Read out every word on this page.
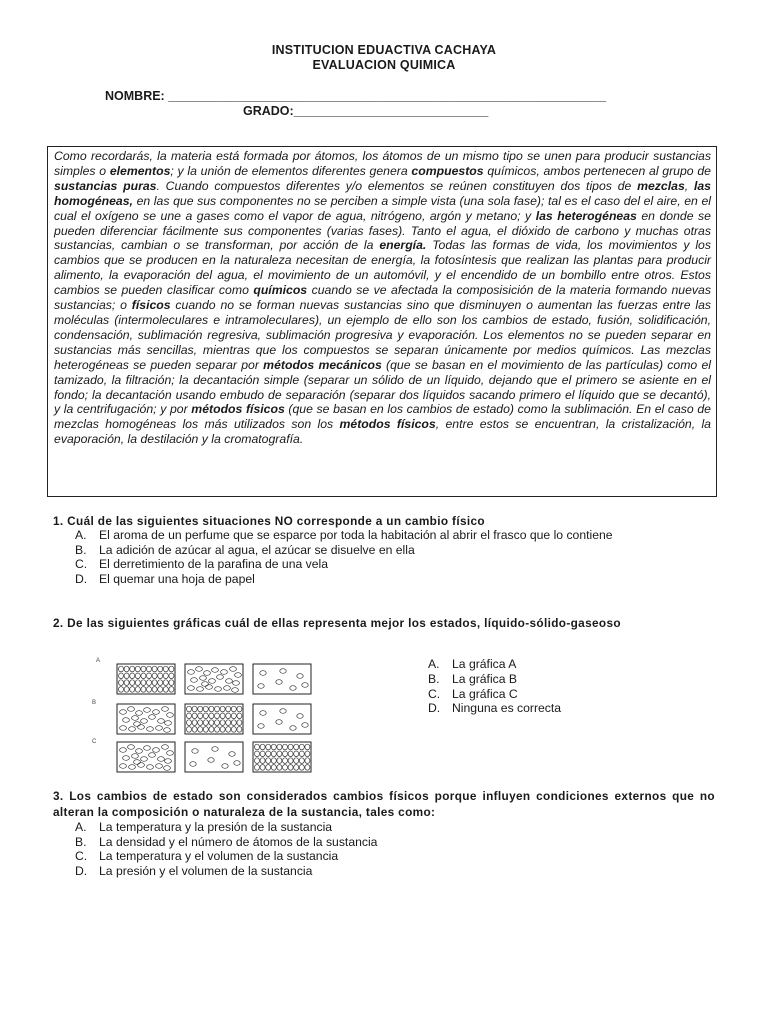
INSTITUCION EDUACTIVA CACHAYA
EVALUACION QUIMICA
NOMBRE: _______________________________________________________________
GRADO:____________________________
Como recordarás, la materia está formada por átomos, los átomos de un mismo tipo se unen para producir sustancias simples o elementos; y la unión de elementos diferentes genera compuestos químicos, ambos pertenecen al grupo de sustancias puras. Cuando compuestos diferentes y/o elementos se reúnen constituyen dos tipos de mezclas, las homogéneas, en las que sus componentes no se perciben a simple vista (una sola fase); tal es el caso del el aire, en el cual el oxígeno se une a gases como el vapor de agua, nitrógeno, argón y metano; y las heterogéneas en donde se pueden diferenciar fácilmente sus componentes (varias fases). Tanto el agua, el dióxido de carbono y muchas otras sustancias, cambian o se transforman, por acción de la energía. Todas las formas de vida, los movimientos y los cambios que se producen en la naturaleza necesitan de energía, la fotosíntesis que realizan las plantas para producir alimento, la evaporación del agua, el movimiento de un automóvil, y el encendido de un bombillo entre otros. Estos cambios se pueden clasificar como químicos cuando se ve afectada la composisición de la materia formando nuevas sustancias; o físicos cuando no se forman nuevas sustancias sino que disminuyen o aumentan las fuerzas entre las moléculas (intermoleculares e intramoleculares), un ejemplo de ello son los cambios de estado, fusión, solidificación, condensación, sublimación regresiva, sublimación progresiva y evaporación. Los elementos no se pueden separar en sustancias más sencillas, mientras que los compuestos se separan únicamente por medios químicos. Las mezclas heterogéneas se pueden separar por métodos mecánicos (que se basan en el movimiento de las partículas) como el tamizado, la filtración; la decantación simple (separar un sólido de un líquido, dejando que el primero se asiente en el fondo; la decantación usando embudo de separación (separar dos líquidos sacando primero el líquido que se decantó), y la centrifugación; y por métodos físicos (que se basan en los cambios de estado) como la sublimación. En el caso de mezclas homogéneas los más utilizados son los métodos físicos, entre estos se encuentran, la cristalización, la evaporación, la destilación y la cromatografía.
1. Cuál de las siguientes situaciones NO corresponde a un cambio físico
A.	El aroma de un perfume que se esparce por toda la habitación al abrir el frasco que lo contiene
B.	La adición de azúcar al agua, el azúcar se disuelve en ella
C. El derretimiento de la parafina de una vela
D. El quemar una hoja de papel
2. De las siguientes gráficas cuál de ellas representa mejor los estados, líquido-sólido-gaseoso
A
B
C
A.	La gráfica A
B.	La gráfica B
C. La gráfica C
D. Ninguna es correcta
3. Los cambios de estado son considerados cambios físicos porque influyen condiciones externos que no alteran la composición o naturaleza de la sustancia, tales como:
A.	La temperatura y la presión de la sustancia
B.	La densidad y el número de átomos de la sustancia
C. La temperatura y el volumen de la sustancia
D. La presión y el volumen de la sustancia
